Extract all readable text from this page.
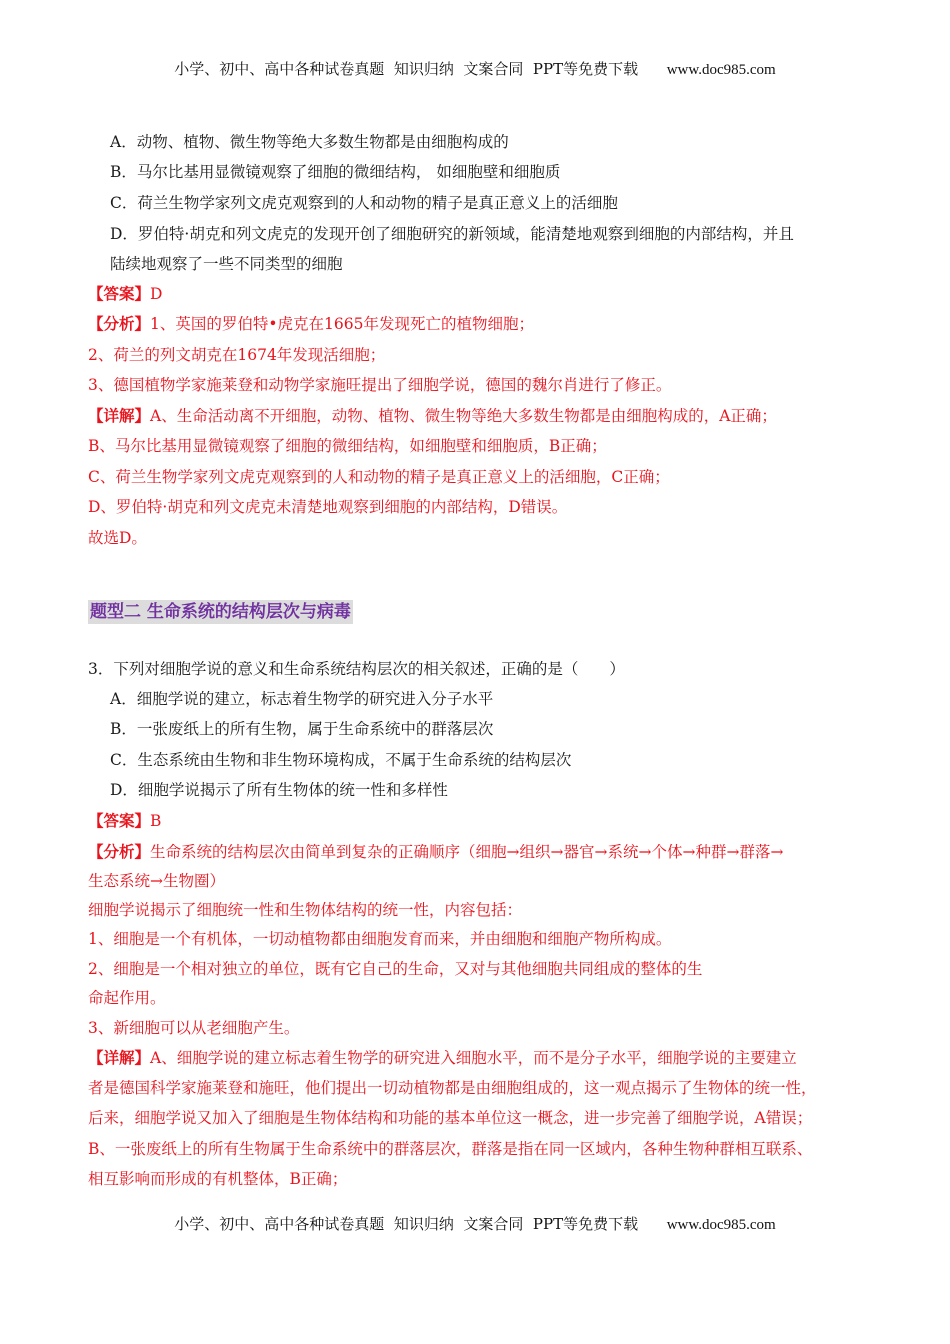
小学、初中、高中各种试卷真题  知识归纳  文案合同  PPT等免费下载 www.doc985.com
A．动物、植物、微生物等绝大多数生物都是由细胞构成的
B．马尔比基用显微镜观察了细胞的微细结构， 如细胞壁和细胞质
C．荷兰生物学家列文虎克观察到的人和动物的精子是真正意义上的活细胞
D．罗伯特·胡克和列文虎克的发现开创了细胞研究的新领域，能清楚地观察到细胞的内部结构，并且
陆续地观察了一些不同类型的细胞
【答案】D
【分析】1、英国的罗伯特•虎克在1665年发现死亡的植物细胞；
2、荷兰的列文胡克在1674年发现活细胞；
3、德国植物学家施莱登和动物学家施旺提出了细胞学说，德国的魏尔肖进行了修正。
【详解】A、生命活动离不开细胞，动物、植物、微生物等绝大多数生物都是由细胞构成的，A正确；
B、马尔比基用显微镜观察了细胞的微细结构，如细胞壁和细胞质，B正确；
C、荷兰生物学家列文虎克观察到的人和动物的精子是真正意义上的活细胞，C正确；
D、罗伯特·胡克和列文虎克未清楚地观察到细胞的内部结构，D错误。
故选D。
题型二 生命系统的结构层次与病毒
3．下列对细胞学说的意义和生命系统结构层次的相关叙述，正确的是（　　）
A．细胞学说的建立，标志着生物学的研究进入分子水平
B．一张废纸上的所有生物，属于生命系统中的群落层次
C．生态系统由生物和非生物环境构成，不属于生命系统的结构层次
D．细胞学说揭示了所有生物体的统一性和多样性
【答案】B
【分析】生命系统的结构层次由简单到复杂的正确顺序（细胞→组织→器官→系统→个体→种群→群落→
生态系统→生物圈）
细胞学说揭示了细胞统一性和生物体结构的统一性，内容包括：
1、细胞是一个有机体，一切动植物都由细胞发育而来，并由细胞和细胞产物所构成。
2、细胞是一个相对独立的单位，既有它自己的生命，又对与其他细胞共同组成的整体的生
命起作用。
3、新细胞可以从老细胞产生。
【详解】A、细胞学说的建立标志着生物学的研究进入细胞水平，而不是分子水平，细胞学说的主要建立
者是德国科学家施莱登和施旺，他们提出一切动植物都是由细胞组成的，这一观点揭示了生物体的统一性，
后来，细胞学说又加入了细胞是生物体结构和功能的基本单位这一概念，进一步完善了细胞学说，A错误；
B、一张废纸上的所有生物属于生命系统中的群落层次，群落是指在同一区域内，各种生物种群相互联系、
相互影响而形成的有机整体，B正确；
小学、初中、高中各种试卷真题  知识归纳  文案合同  PPT等免费下载 www.doc985.com
